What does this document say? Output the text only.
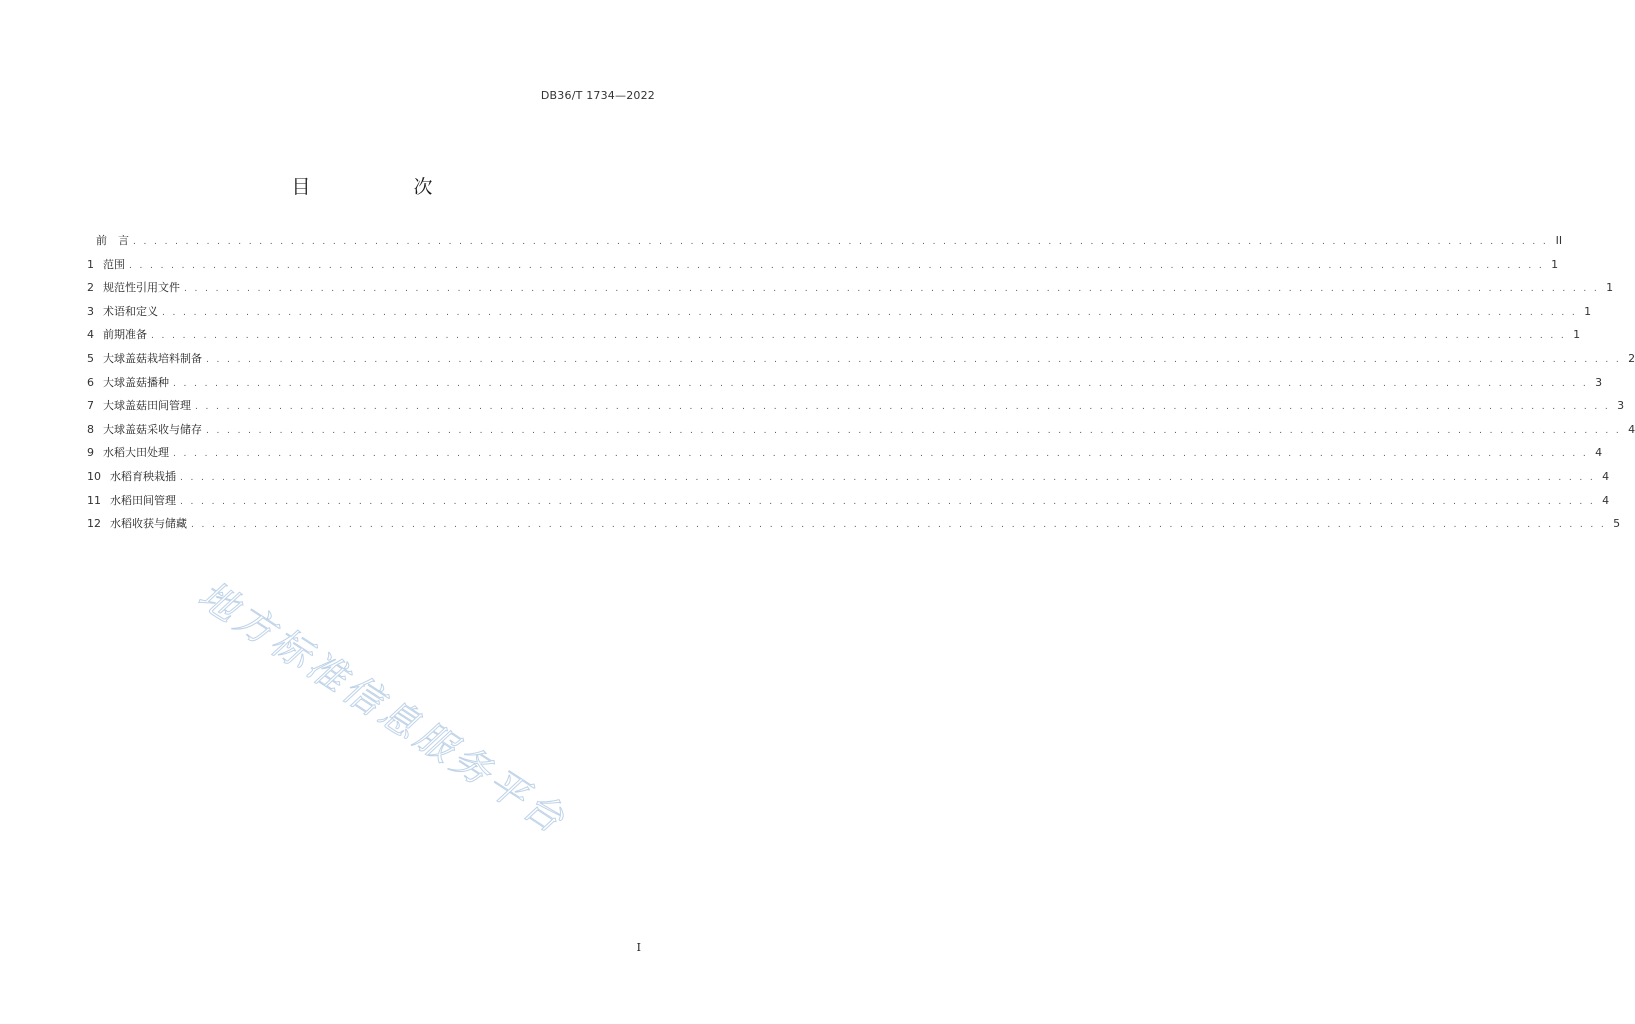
DB36/T 1734—2022
目　次
前　言 . . . . . . . . . . . . . . . . . . . . . . . . . . . . . . . . . . . . . . . . . . . . . . . . . . . . . . . . . . . . . . . . . . . . . . . . . . . . . . . . . . . . . . . . . . . . . . . . . . . . . . . . . . . . . . . . . . . . . . . . . . . . . . . . . . . . . . . II
1 范围 . . . . . . . . . . . . . . . . . . . . . . . . . . . . . . . . . . . . . . . . . . . . . . . . . . . . . . . . . . . . . . . . . . . . . . . . . . . . . . . . . . . . . . . . . . . . . . . . . . . . . . . . . . . . . . . . . . . . . . . . . . . . . . . . . . . . . . . 1
2 规范性引用文件 . . . . . . . . . . . . . . . . . . . . . . . . . . . . . . . . . . . . . . . . . . . . . . . . . . . . . . . . . . . . . . . . . . . . . . . . . . . . . . . . . . . . . . . . . . . . . . . . . . . . . . . . . . . . . . . . . . . . . . . . . . . . . . . . . . . . . . . 1
3 术语和定义 . . . . . . . . . . . . . . . . . . . . . . . . . . . . . . . . . . . . . . . . . . . . . . . . . . . . . . . . . . . . . . . . . . . . . . . . . . . . . . . . . . . . . . . . . . . . . . . . . . . . . . . . . . . . . . . . . . . . . . . . . . . . . . . . . . . . . . . 1
4 前期准备 . . . . . . . . . . . . . . . . . . . . . . . . . . . . . . . . . . . . . . . . . . . . . . . . . . . . . . . . . . . . . . . . . . . . . . . . . . . . . . . . . . . . . . . . . . . . . . . . . . . . . . . . . . . . . . . . . . . . . . . . . . . . . . . . . . . . . . . 1
5 大球盖菇栽培料制备 . . . . . . . . . . . . . . . . . . . . . . . . . . . . . . . . . . . . . . . . . . . . . . . . . . . . . . . . . . . . . . . . . . . . . . . . . . . . . . . . . . . . . . . . . . . . . . . . . . . . . . . . . . . . . . . . . . . . . . . . . . . . . . . . . . . . . . . 2
6 大球盖菇播种 . . . . . . . . . . . . . . . . . . . . . . . . . . . . . . . . . . . . . . . . . . . . . . . . . . . . . . . . . . . . . . . . . . . . . . . . . . . . . . . . . . . . . . . . . . . . . . . . . . . . . . . . . . . . . . . . . . . . . . . . . . . . . . . . . . . . . . . 3
7 大球盖菇田间管理 . . . . . . . . . . . . . . . . . . . . . . . . . . . . . . . . . . . . . . . . . . . . . . . . . . . . . . . . . . . . . . . . . . . . . . . . . . . . . . . . . . . . . . . . . . . . . . . . . . . . . . . . . . . . . . . . . . . . . . . . . . . . . . . . . . . . . . . 3
8 大球盖菇采收与储存 . . . . . . . . . . . . . . . . . . . . . . . . . . . . . . . . . . . . . . . . . . . . . . . . . . . . . . . . . . . . . . . . . . . . . . . . . . . . . . . . . . . . . . . . . . . . . . . . . . . . . . . . . . . . . . . . . . . . . . . . . . . . . . . . . . . . . . . 4
9 水稻大田处理 . . . . . . . . . . . . . . . . . . . . . . . . . . . . . . . . . . . . . . . . . . . . . . . . . . . . . . . . . . . . . . . . . . . . . . . . . . . . . . . . . . . . . . . . . . . . . . . . . . . . . . . . . . . . . . . . . . . . . . . . . . . . . . . . . . . . . . . 4
10 水稻育秧栽插 . . . . . . . . . . . . . . . . . . . . . . . . . . . . . . . . . . . . . . . . . . . . . . . . . . . . . . . . . . . . . . . . . . . . . . . . . . . . . . . . . . . . . . . . . . . . . . . . . . . . . . . . . . . . . . . . . . . . . . . . . . . . . . . . . . . . . . . 4
11 水稻田间管理 . . . . . . . . . . . . . . . . . . . . . . . . . . . . . . . . . . . . . . . . . . . . . . . . . . . . . . . . . . . . . . . . . . . . . . . . . . . . . . . . . . . . . . . . . . . . . . . . . . . . . . . . . . . . . . . . . . . . . . . . . . . . . . . . . . . . . . . 4
12 水稻收获与储藏 . . . . . . . . . . . . . . . . . . . . . . . . . . . . . . . . . . . . . . . . . . . . . . . . . . . . . . . . . . . . . . . . . . . . . . . . . . . . . . . . . . . . . . . . . . . . . . . . . . . . . . . . . . . . . . . . . . . . . . . . . . . . . . . . . . . . . . . 5
地方标准信息服务平台
I
